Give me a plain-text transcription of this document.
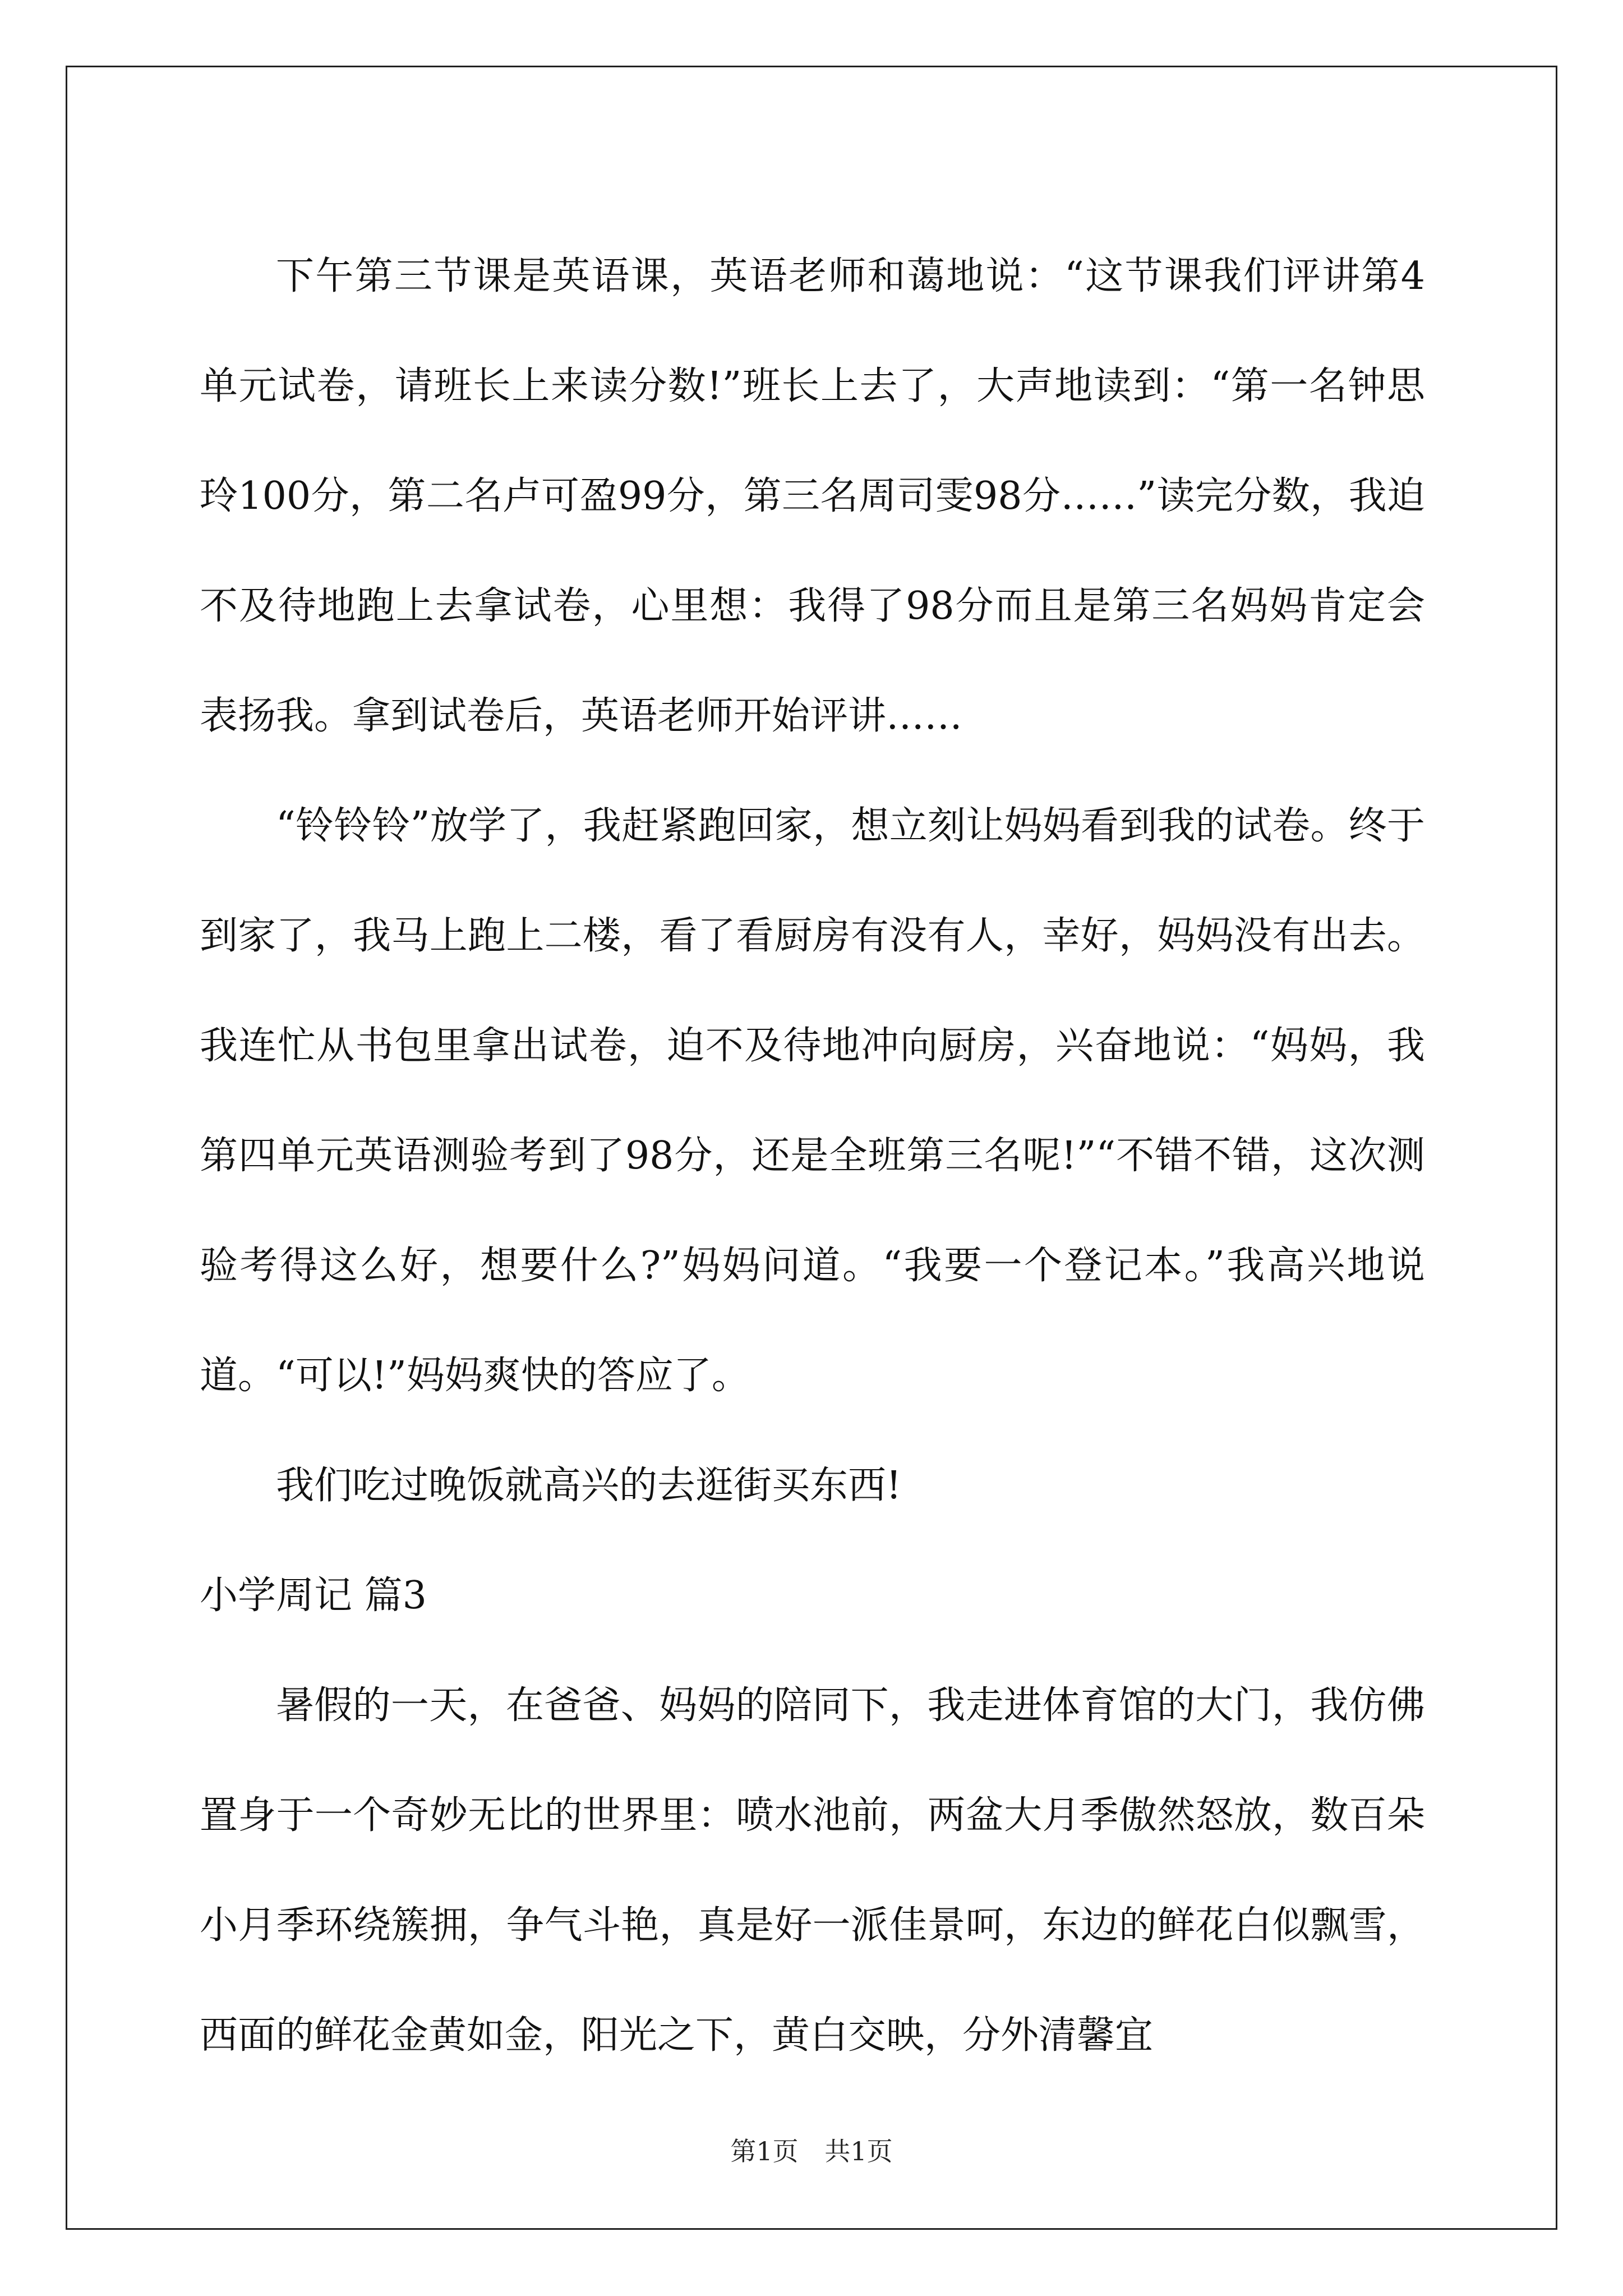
下午第三节课是英语课，英语老师和蔼地说：“这节课我们评讲第4单元试卷，请班长上来读分数!”班长上去了，大声地读到：“第一名钟思玲100分，第二名卢可盈99分，第三名周司雯98分……”读完分数，我迫不及待地跑上去拿试卷，心里想：我得了98分而且是第三名妈妈肯定会表扬我。拿到试卷后，英语老师开始评讲……

“铃铃铃”放学了，我赶紧跑回家，想立刻让妈妈看到我的试卷。终于到家了，我马上跑上二楼，看了看厨房有没有人，幸好，妈妈没有出去。我连忙从书包里拿出试卷，迫不及待地冲向厨房，兴奋地说：“妈妈，我第四单元英语测验考到了98分，还是全班第三名呢!”“不错不错，这次测验考得这么好，想要什么?”妈妈问道。“我要一个登记本。”我高兴地说道。“可以!”妈妈爽快的答应了。

我们吃过晚饭就高兴的去逛街买东西!

小学周记 篇3

暑假的一天，在爸爸、妈妈的陪同下，我走进体育馆的大门，我仿佛置身于一个奇妙无比的世界里：喷水池前，两盆大月季傲然怒放，数百朵小月季环绕簇拥，争气斗艳，真是好一派佳景呵，东边的鲜花白似飘雪，西面的鲜花金黄如金，阳光之下，黄白交映，分外清馨宜

第1页 共1页
